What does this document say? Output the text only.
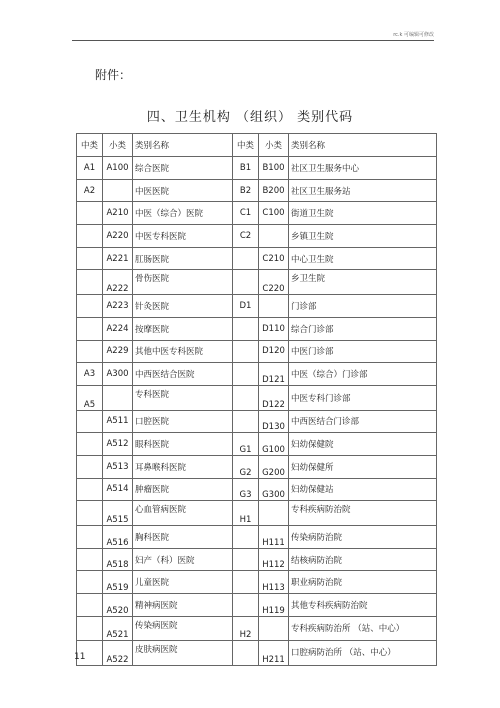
rc.k 可编辑可修改
附件：
四、卫生机构 （组织） 类别代码
中类	小类	类别名称	中类	小类	类别名称
A1	A100	综合医院	B1	B100	社区卫生服务中心
A2		中医医院	B2	B200	社区卫生服务站
	A210	中医（综合）医院	C1	C100	街道卫生院
	A220	中医专科医院	C2		乡镇卫生院
	A221	肛肠医院		C210	中心卫生院
	A222	骨伤医院		C220	乡卫生院
	A223	针灸医院	D1		门诊部
	A224	按摩医院		D110	综合门诊部
	A229	其他中医专科医院		D120	中医门诊部
A3	A300	中西医结合医院		D121	中医（综合）门诊部
A5		专科医院		D122	中医专科门诊部
	A511	口腔医院		D130	中西医结合门诊部
	A512	眼科医院	G1	G100	妇幼保健院
	A513	耳鼻喉科医院	G2	G200	妇幼保健所
	A514	肿瘤医院	G3	G300	妇幼保健站
	A515	心血管病医院	H1		专科疾病防治院
	A516	胸科医院		H111	传染病防治院
	A518	妇产（科）医院		H112	结核病防治院
	A519	儿童医院		H113	职业病防治院
	A520	精神病医院		H119	其他专科疾病防治院
	A521	传染病医院	H2		专科疾病防治所 （站、中心）
	A522	皮肤病医院		H211	口腔病防治所 （站、中心）
11
